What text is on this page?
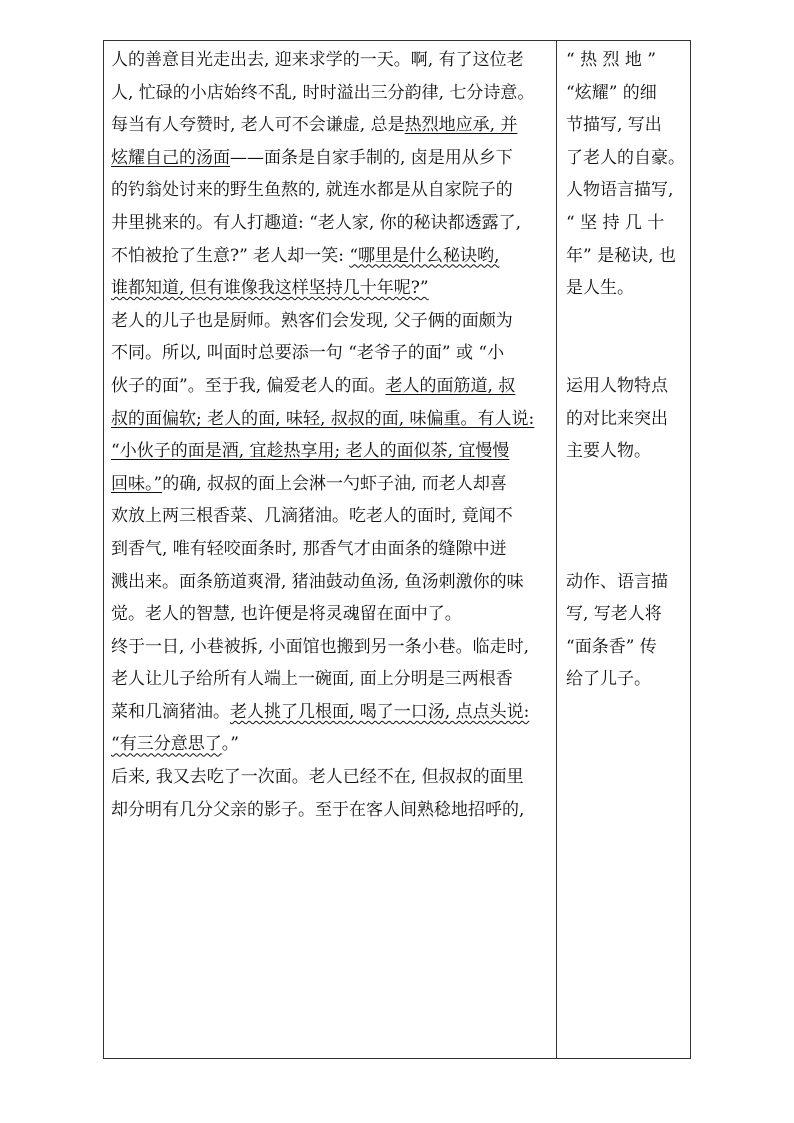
人的善意目光走出去, 迎来求学的一天。啊, 有了这位老
人, 忙碌的小店始终不乱, 时时溢出三分韵律, 七分诗意。
每当有人夸赞时, 老人可不会谦虚, 总是热烈地应承, 并
炫耀自己的汤面——面条是自家手制的, 卤是用从乡下
的钓翁处讨来的野生鱼熬的, 就连水都是从自家院子的
井里挑来的。有人打趣道: “老人家, 你的秘诀都透露了,
不怕被抢了生意?” 老人却一笑: “哪里是什么秘诀哟,
谁都知道, 但有谁像我这样坚持几十年呢?”
老人的儿子也是厨师。熟客们会发现, 父子俩的面颇为
不同。所以, 叫面时总要添一句 “老爷子的面” 或 “小
伙子的面”。至于我, 偏爱老人的面。老人的面筋道, 叔
叔的面偏软; 老人的面, 味轻, 叔叔的面, 味偏重。有人说:
“小伙子的面是酒, 宜趁热享用; 老人的面似茶, 宜慢慢
回味。”的确, 叔叔的面上会淋一勺虾子油, 而老人却喜
欢放上两三根香菜、几滴猪油。吃老人的面时, 竟闻不
到香气, 唯有轻咬面条时, 那香气才由面条的缝隙中迸
溅出来。面条筋道爽滑, 猪油鼓动鱼汤, 鱼汤刺激你的味
觉。老人的智慧, 也许便是将灵魂留在面中了。
终于一日, 小巷被拆, 小面馆也搬到另一条小巷。临走时,
老人让儿子给所有人端上一碗面, 面上分明是三两根香
菜和几滴猪油。老人挑了几根面, 喝了一口汤, 点点头说:
“有三分意思了。”
后来, 我又去吃了一次面。老人已经不在, 但叔叔的面里
却分明有几分父亲的影子。至于在客人间熟稔地招呼的,
“ 热 烈 地 ”
“炫耀” 的细
节描写, 写出
了老人的自豪。
人物语言描写,
“ 坚 持 几 十
年” 是秘诀, 也
是人生。
运用人物特点
的对比来突出
主要人物。
动作、语言描
写, 写老人将
“面条香” 传
给了儿子。
